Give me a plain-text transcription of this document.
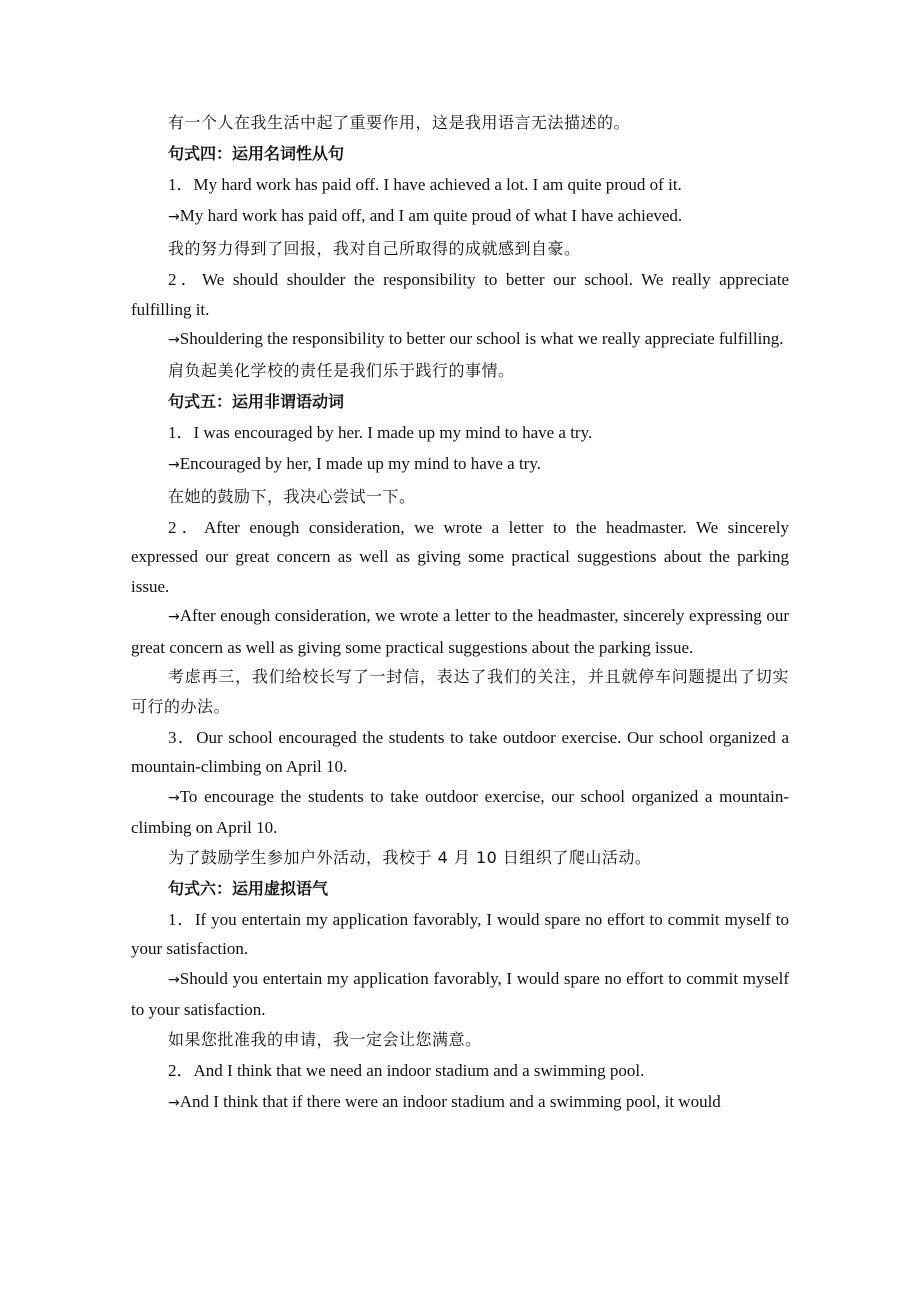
有一个人在我生活中起了重要作用，这是我用语言无法描述的。

句式四：运用名词性从句

1．My hard work has paid off. I have achieved a lot. I am quite proud of it.

→My hard work has paid off, and I am quite proud of what I have achieved.

我的努力得到了回报，我对自己所取得的成就感到自豪。

2．We should shoulder the responsibility to better our school. We really appreciate fulfilling it.

→Shouldering the responsibility to better our school is what we really appreciate fulfilling.

肩负起美化学校的责任是我们乐于践行的事情。

句式五：运用非谓语动词

1．I was encouraged by her. I made up my mind to have a try.

→Encouraged by her, I made up my mind to have a try.

在她的鼓励下，我决心尝试一下。

2．After enough consideration, we wrote a letter to the headmaster. We sincerely expressed our great concern as well as giving some practical suggestions about the parking issue.

→After enough consideration, we wrote a letter to the headmaster, sincerely expressing our great concern as well as giving some practical suggestions about the parking issue.

考虑再三，我们给校长写了一封信，表达了我们的关注，并且就停车问题提出了切实可行的办法。

3．Our school encouraged the students to take outdoor exercise. Our school organized a mountain-climbing on April 10.

→To encourage the students to take outdoor exercise, our school organized a mountain-climbing on April 10.

为了鼓励学生参加户外活动，我校于 4 月 10 日组织了爬山活动。

句式六：运用虚拟语气

1．If you entertain my application favorably, I would spare no effort to commit myself to your satisfaction.

→Should you entertain my application favorably, I would spare no effort to commit myself to your satisfaction.

如果您批准我的申请，我一定会让您满意。

2．And I think that we need an indoor stadium and a swimming pool.

→And I think that if there were an indoor stadium and a swimming pool, it would
